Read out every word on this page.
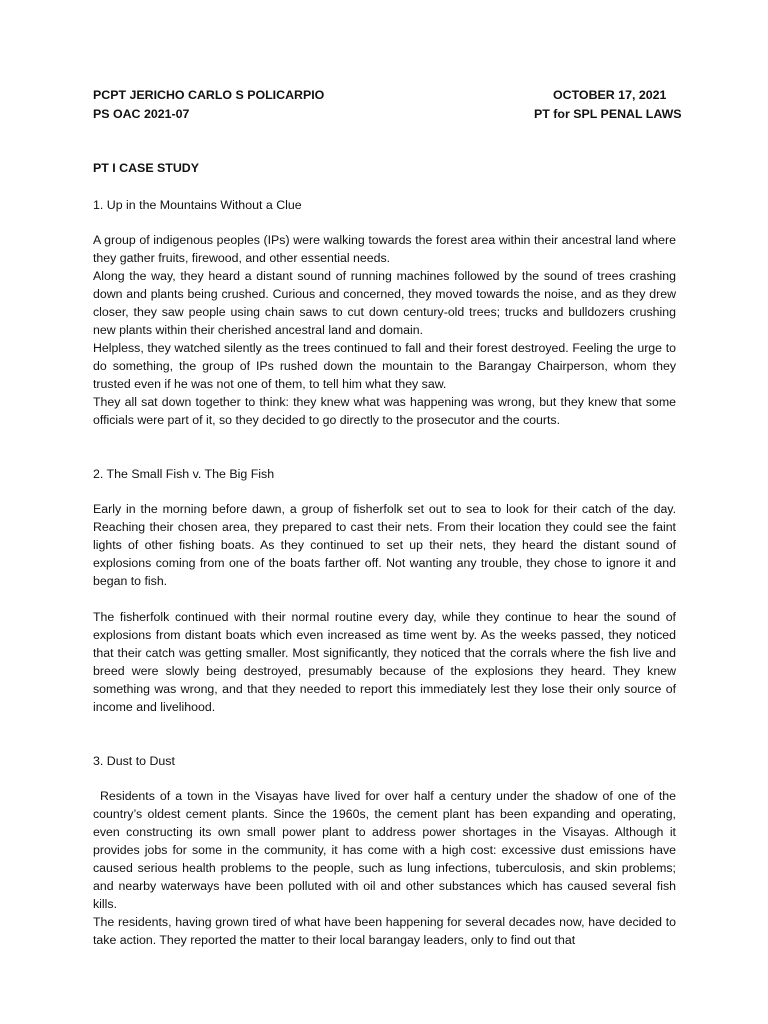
PCPT JERICHO CARLO S POLICARPIO
PS OAC 2021-07
OCTOBER 17, 2021
PT for SPL PENAL LAWS
PT I CASE STUDY
1. Up in the Mountains Without a Clue

A group of indigenous peoples (IPs) were walking towards the forest area within their ancestral land where they gather fruits, firewood, and other essential needs.

Along the way, they heard a distant sound of running machines followed by the sound of trees crashing down and plants being crushed. Curious and concerned, they moved towards the noise, and as they drew closer, they saw people using chain saws to cut down century-old trees; trucks and bulldozers crushing new plants within their cherished ancestral land and domain.

Helpless, they watched silently as the trees continued to fall and their forest destroyed. Feeling the urge to do something, the group of IPs rushed down the mountain to the Barangay Chairperson, whom they trusted even if he was not one of them, to tell him what they saw.

They all sat down together to think: they knew what was happening was wrong, but they knew that some officials were part of it, so they decided to go directly to the prosecutor and the courts.

2. The Small Fish v. The Big Fish

Early in the morning before dawn, a group of fisherfolk set out to sea to look for their catch of the day. Reaching their chosen area, they prepared to cast their nets. From their location they could see the faint lights of other fishing boats. As they continued to set up their nets, they heard the distant sound of explosions coming from one of the boats farther off. Not wanting any trouble, they chose to ignore it and began to fish.

The fisherfolk continued with their normal routine every day, while they continue to hear the sound of explosions from distant boats which even increased as time went by. As the weeks passed, they noticed that their catch was getting smaller. Most significantly, they noticed that the corrals where the fish live and breed were slowly being destroyed, presumably because of the explosions they heard. They knew something was wrong, and that they needed to report this immediately lest they lose their only source of income and livelihood.

3. Dust to Dust

Residents of a town in the Visayas have lived for over half a century under the shadow of one of the country’s oldest cement plants. Since the 1960s, the cement plant has been expanding and operating, even constructing its own small power plant to address power shortages in the Visayas. Although it provides jobs for some in the community, it has come with a high cost: excessive dust emissions have caused serious health problems to the people, such as lung infections, tuberculosis, and skin problems; and nearby waterways have been polluted with oil and other substances which has caused several fish kills.

The residents, having grown tired of what have been happening for several decades now, have decided to take action. They reported the matter to their local barangay leaders, only to find out that
